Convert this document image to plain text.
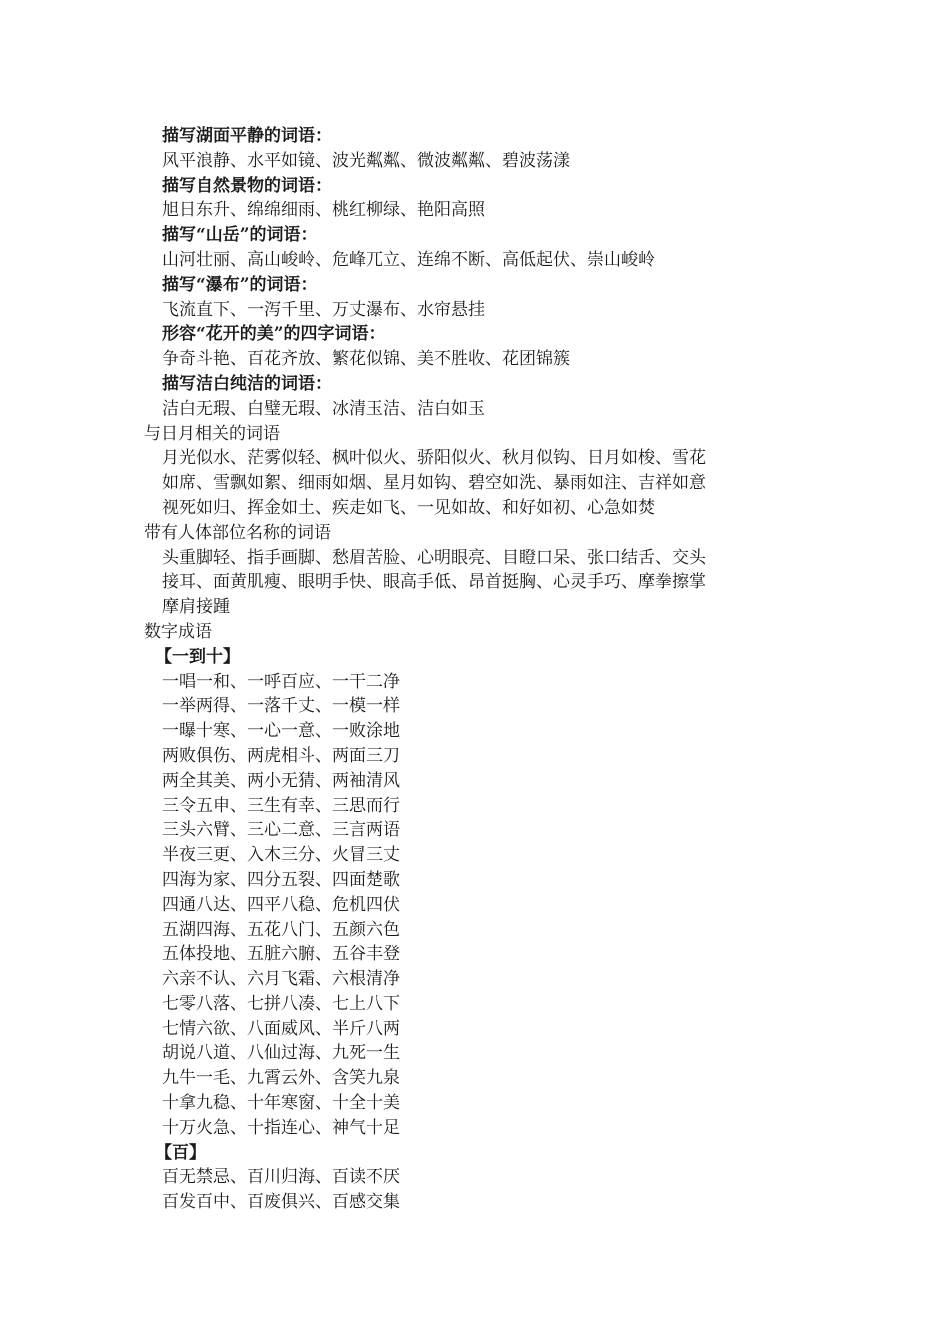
描写湖面平静的词语：
风平浪静、水平如镜、波光粼粼、微波粼粼、碧波荡漾
描写自然景物的词语：
旭日东升、绵绵细雨、桃红柳绿、艳阳高照
描写“山岳”的词语：
山河壮丽、高山峻岭、危峰兀立、连绵不断、高低起伏、崇山峻岭
描写“瀑布”的词语：
飞流直下、一泻千里、万丈瀑布、水帘悬挂
形容“花开的美”的四字词语：
争奇斗艳、百花齐放、繁花似锦、美不胜收、花团锦簇
描写洁白纯洁的词语：
洁白无瑕、白璧无瑕、冰清玉洁、洁白如玉
与日月相关的词语
月光似水、茫雾似轻、枫叶似火、骄阳似火、秋月似钩、日月如梭、雪花
如席、雪飘如絮、细雨如烟、星月如钩、碧空如洗、暴雨如注、吉祥如意
视死如归、挥金如土、疾走如飞、一见如故、和好如初、心急如焚
带有人体部位名称的词语
头重脚轻、指手画脚、愁眉苦脸、心明眼亮、目瞪口呆、张口结舌、交头
接耳、面黄肌瘦、眼明手快、眼高手低、昂首挺胸、心灵手巧、摩拳擦掌
摩肩接踵
数字成语
【一到十】
一唱一和、一呼百应、一干二净
一举两得、一落千丈、一模一样
一曝十寒、一心一意、一败涂地
两败俱伤、两虎相斗、两面三刀
两全其美、两小无猜、两袖清风
三令五申、三生有幸、三思而行
三头六臂、三心二意、三言两语
半夜三更、入木三分、火冒三丈
四海为家、四分五裂、四面楚歌
四通八达、四平八稳、危机四伏
五湖四海、五花八门、五颜六色
五体投地、五脏六腑、五谷丰登
六亲不认、六月飞霜、六根清净
七零八落、七拼八凑、七上八下
七情六欲、八面威风、半斤八两
胡说八道、八仙过海、九死一生
九牛一毛、九霄云外、含笑九泉
十拿九稳、十年寒窗、十全十美
十万火急、十指连心、神气十足
【百】
百无禁忌、百川归海、百读不厌
百发百中、百废俱兴、百感交集
